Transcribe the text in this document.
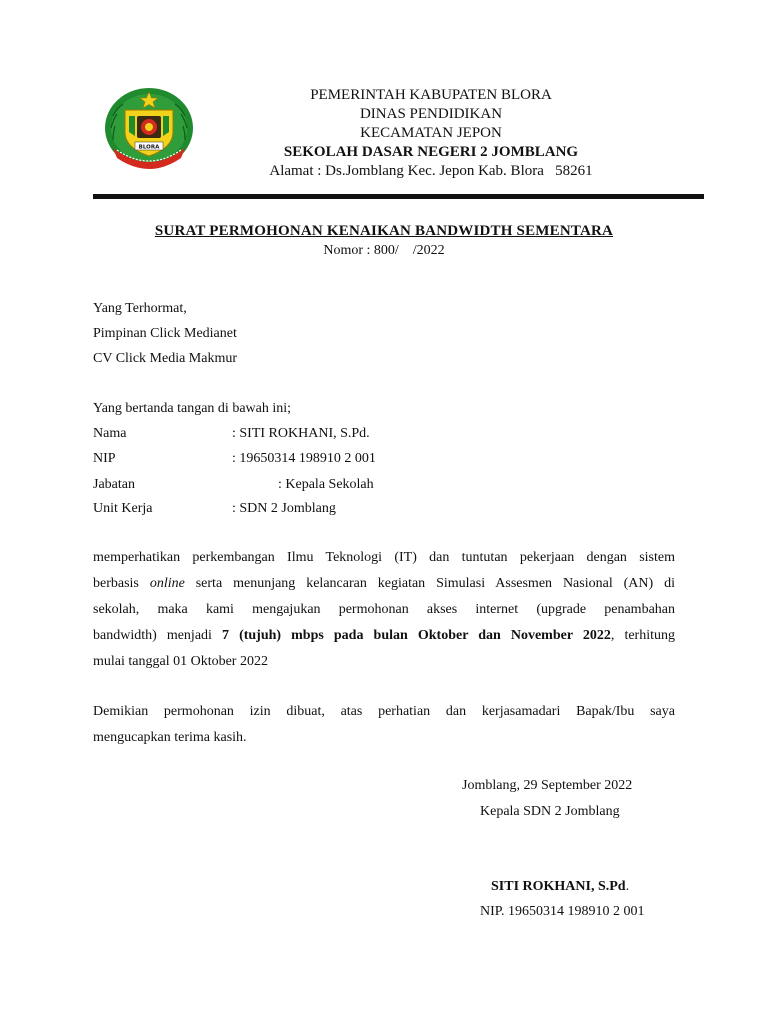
BLORA
PEMERINTAH KABUPATEN BLORA
DINAS PENDIDIKAN
KECAMATAN JEPON
SEKOLAH DASAR NEGERI 2 JOMBLANG
Alamat : Ds.Jomblang Kec. Jepon Kab. Blora   58261
SURAT PERMOHONAN KENAIKAN BANDWIDTH SEMENTARA
Nomor : 800/    /2022
Yang Terhormat,
Pimpinan Click Medianet
CV Click Media Makmur
Yang bertanda tangan di bawah ini;
Nama	: SITI ROKHANI, S.Pd.
NIP	: 19650314 198910 2 001
Jabatan	: Kepala Sekolah
Unit Kerja	: SDN 2 Jomblang
memperhatikan perkembangan Ilmu Teknologi (IT) dan tuntutan pekerjaan dengan sistem
berbasis online serta menunjang kelancaran kegiatan Simulasi Assesmen Nasional (AN) di
sekolah, maka kami mengajukan permohonan akses internet (upgrade penambahan
bandwidth) menjadi 7 (tujuh) mbps pada bulan Oktober dan November 2022, terhitung
mulai tanggal 01 Oktober 2022
Demikian permohonan izin dibuat, atas perhatian dan kerjasamadari Bapak/Ibu saya
mengucapkan terima kasih.
Jomblang, 29 September 2022
Kepala SDN 2 Jomblang
SITI ROKHANI, S.Pd.
NIP. 19650314 198910 2 001
